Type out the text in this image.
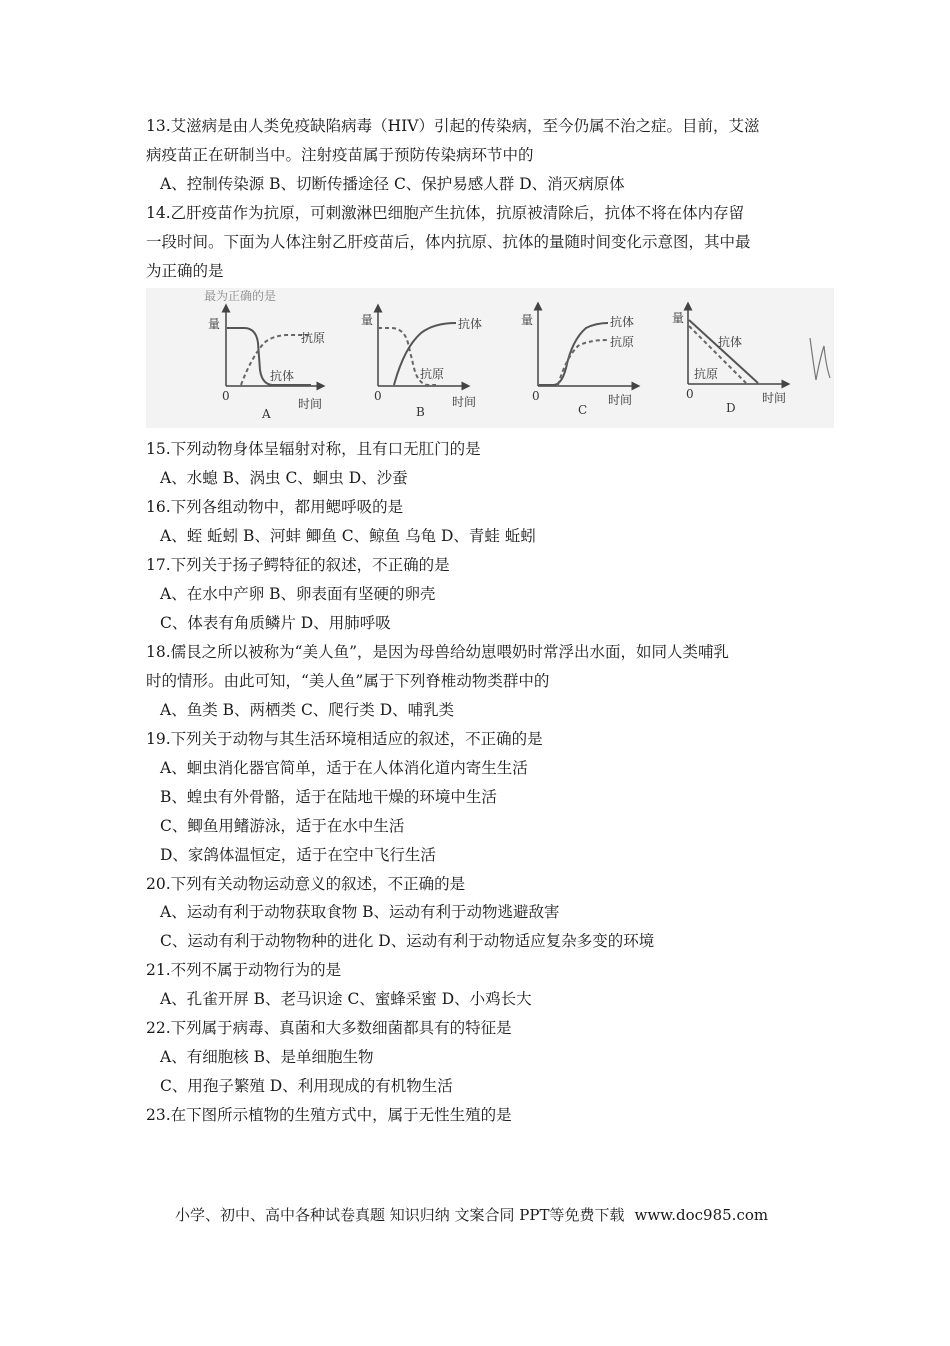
13.艾滋病是由人类免疫缺陷病毒（HIV）引起的传染病，至今仍属不治之症。目前，艾滋
病疫苗正在研制当中。注射疫苗属于预防传染病环节中的
A、控制传染源 B、切断传播途径 C、保护易感人群 D、消灭病原体
14.乙肝疫苗作为抗原，可刺激淋巴细胞产生抗体，抗原被清除后，抗体不将在体内存留
一段时间。下面为人体注射乙肝疫苗后，体内抗原、抗体的量随时间变化示意图，其中最
为正确的是
最为正确的是
量
0
时间
抗原
抗体
A
量
0	时间
抗体
抗原
B
量
0	时间
抗体
抗原
C
量
0	时间
抗体
抗原
D
15.下列动物身体呈辐射对称，且有口无肛门的是
A、水螅 B、涡虫 C、蛔虫 D、沙蚕
16.下列各组动物中，都用鳃呼吸的是
A、蛭 蚯蚓 B、河蚌 鲫鱼 C、鲸鱼 乌龟 D、青蛙 蚯蚓
17.下列关于扬子鳄特征的叙述，不正确的是
A、在水中产卵 B、卵表面有坚硬的卵壳
C、体表有角质鳞片 D、用肺呼吸
18.儒艮之所以被称为“美人鱼”，是因为母兽给幼崽喂奶时常浮出水面，如同人类哺乳
时的情形。由此可知，“美人鱼”属于下列脊椎动物类群中的
A、鱼类 B、两栖类 C、爬行类 D、哺乳类
19.下列关于动物与其生活环境相适应的叙述，不正确的是
A、蛔虫消化器官简单，适于在人体消化道内寄生生活
B、蝗虫有外骨骼，适于在陆地干燥的环境中生活
C、鲫鱼用鳍游泳，适于在水中生活
D、家鸽体温恒定，适于在空中飞行生活
20.下列有关动物运动意义的叙述，不正确的是
A、运动有利于动物获取食物 B、运动有利于动物逃避敌害
C、运动有利于动物物种的进化 D、运动有利于动物适应复杂多变的环境
21.不列不属于动物行为的是
A、孔雀开屏 B、老马识途 C、蜜蜂采蜜 D、小鸡长大
22.下列属于病毒、真菌和大多数细菌都具有的特征是
A、有细胞核 B、是单细胞生物
C、用孢子繁殖 D、利用现成的有机物生活
23.在下图所示植物的生殖方式中，属于无性生殖的是
小学、初中、高中各种试卷真题 知识归纳 文案合同 PPT等免费下载 www.doc985.com
